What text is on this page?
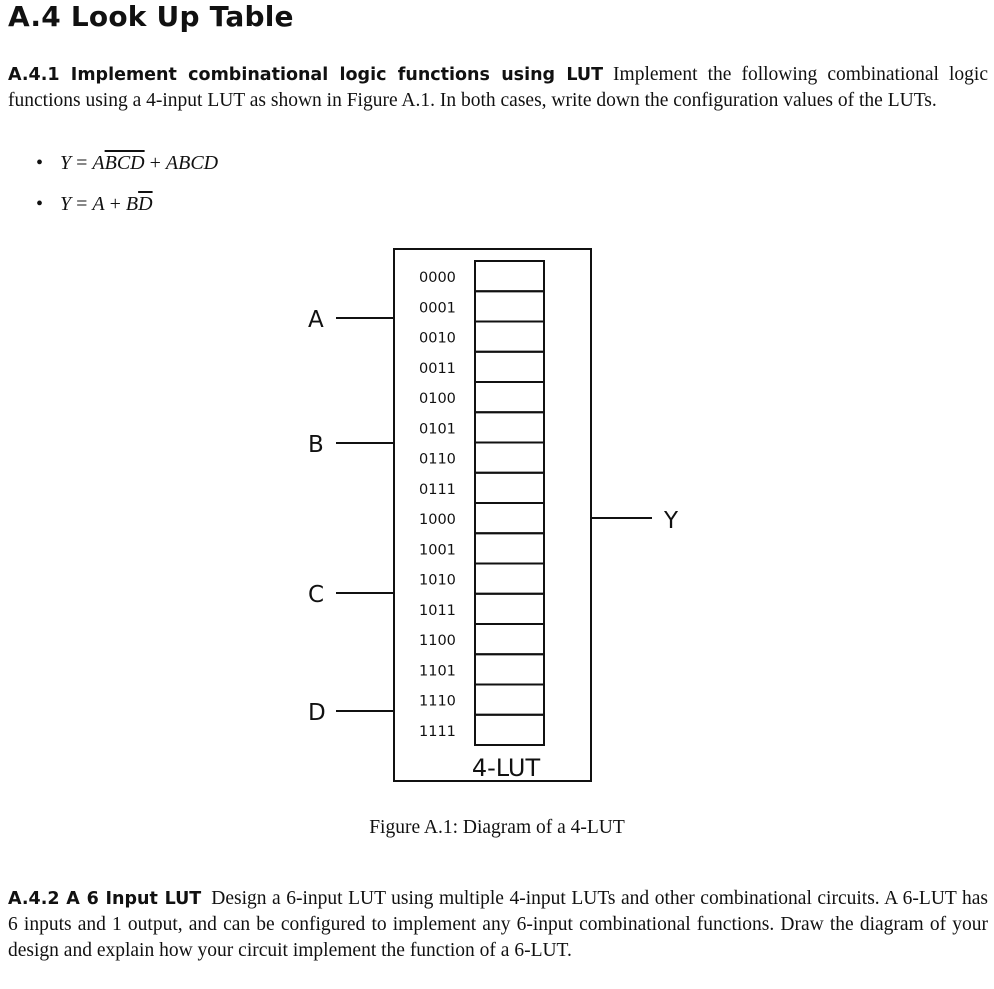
A.4 Look Up Table
A.4.1 Implement combinational logic functions using LUT Implement the following combinational logic functions using a 4-input LUT as shown in Figure A.1. In both cases, write down the configuration values of the LUTs.
• $Y = A\overline{BCD}$ + ABCD
• $Y = A + B\overline{D}$
0000
0001
0010
0011
0100
0101
0110
0111
1000
1001
1010
1011
1100
1101
1110
1111
A
B
C
D
Y
4-LUT
Figure A.1: Diagram of a 4-LUT
A.4.2 A 6 Input LUT Design a 6-input LUT using multiple 4-input LUTs and other combinational circuits. A 6-LUT has 6 inputs and 1 output, and can be configured to implement any 6-input combinational functions. Draw the diagram of your design and explain how your circuit implement the function of a 6-LUT.
